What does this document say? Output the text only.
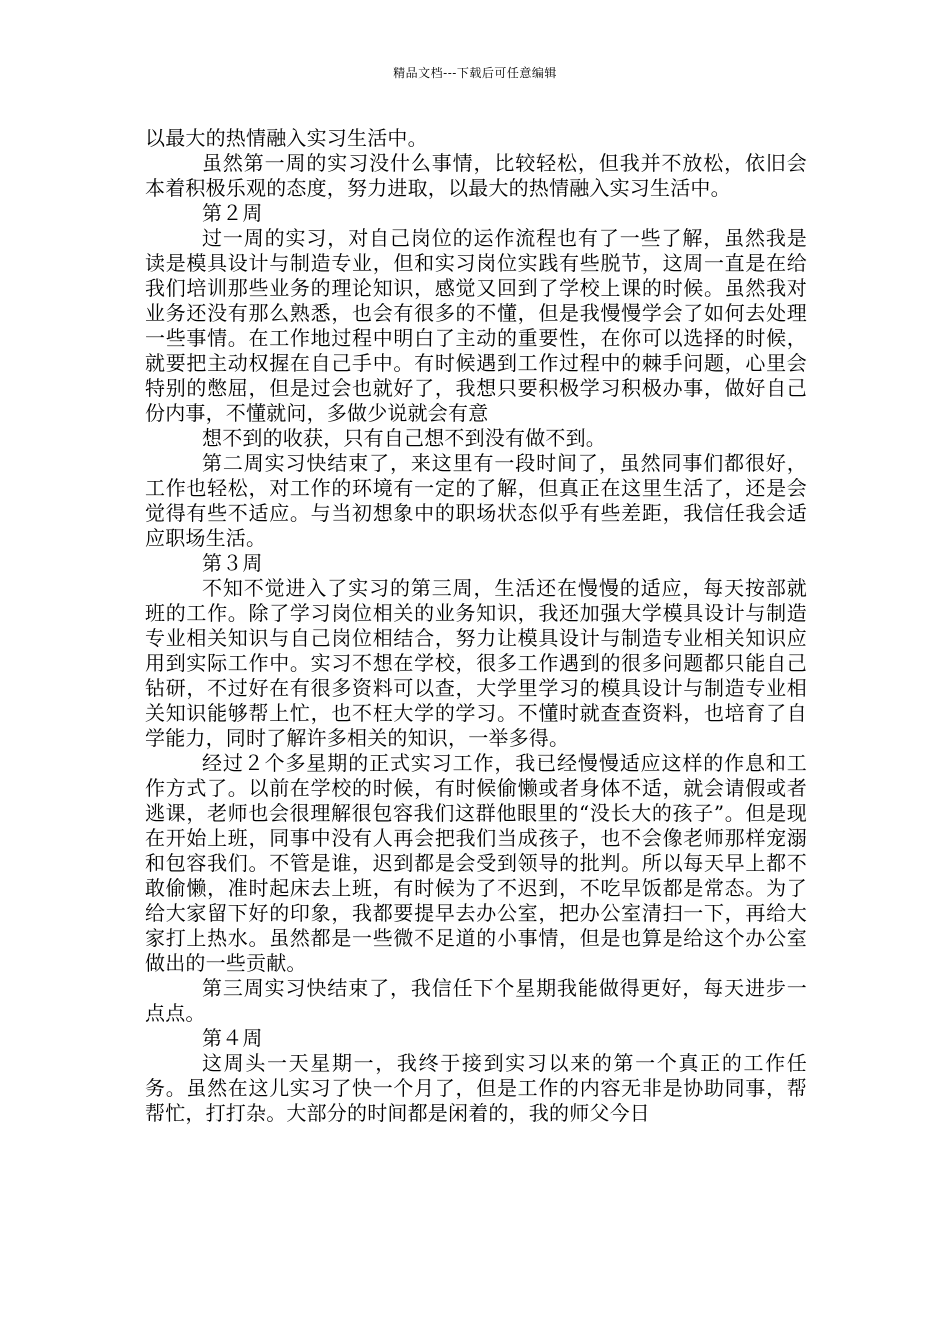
精品文档---下载后可任意编辑

以最大的热情融入实习生活中。

虽然第一周的实习没什么事情，比较轻松，但我并不放松，依旧会本着积极乐观的态度，努力进取，以最大的热情融入实习生活中。

第２周

过一周的实习，对自己岗位的运作流程也有了一些了解，虽然我是读是模具设计与制造专业，但和实习岗位实践有些脱节，这周一直是在给我们培训那些业务的理论知识，感觉又回到了学校上课的时候。虽然我对业务还没有那么熟悉，也会有很多的不懂，但是我慢慢学会了如何去处理一些事情。在工作地过程中明白了主动的重要性，在你可以选择的时候，就要把主动权握在自己手中。有时候遇到工作过程中的棘手问题，心里会特别的憋屈，但是过会也就好了，我想只要积极学习积极办事，做好自己份内事，不懂就问，多做少说就会有意

想不到的收获，只有自己想不到没有做不到。

第二周实习快结束了，来这里有一段时间了，虽然同事们都很好，工作也轻松，对工作的环境有一定的了解，但真正在这里生活了，还是会觉得有些不适应。与当初想象中的职场状态似乎有些差距，我信任我会适应职场生活。

第３周

不知不觉进入了实习的第三周，生活还在慢慢的适应，每天按部就班的工作。除了学习岗位相关的业务知识，我还加强大学模具设计与制造专业相关知识与自己岗位相结合，努力让模具设计与制造专业相关知识应用到实际工作中。实习不想在学校，很多工作遇到的很多问题都只能自己钻研，不过好在有很多资料可以查，大学里学习的模具设计与制造专业相关知识能够帮上忙，也不枉大学的学习。不懂时就查查资料，也培育了自学能力，同时了解许多相关的知识，一举多得。

经过２个多星期的正式实习工作，我已经慢慢适应这样的作息和工作方式了。以前在学校的时候，有时候偷懒或者身体不适，就会请假或者逃课，老师也会很理解很包容我们这群他眼里的“没长大的孩子”。但是现在开始上班，同事中没有人再会把我们当成孩子，也不会像老师那样宠溺和包容我们。不管是谁，迟到都是会受到领导的批判。所以每天早上都不敢偷懒，准时起床去上班，有时候为了不迟到，不吃早饭都是常态。为了给大家留下好的印象，我都要提早去办公室，把办公室清扫一下，再给大家打上热水。虽然都是一些微不足道的小事情，但是也算是给这个办公室做出的一些贡献。

第三周实习快结束了，我信任下个星期我能做得更好，每天进步一点点。

第４周

这周头一天星期一，我终于接到实习以来的第一个真正的工作任务。虽然在这儿实习了快一个月了，但是工作的内容无非是协助同事，帮帮忙，打打杂。大部分的时间都是闲着的，我的师父今日
